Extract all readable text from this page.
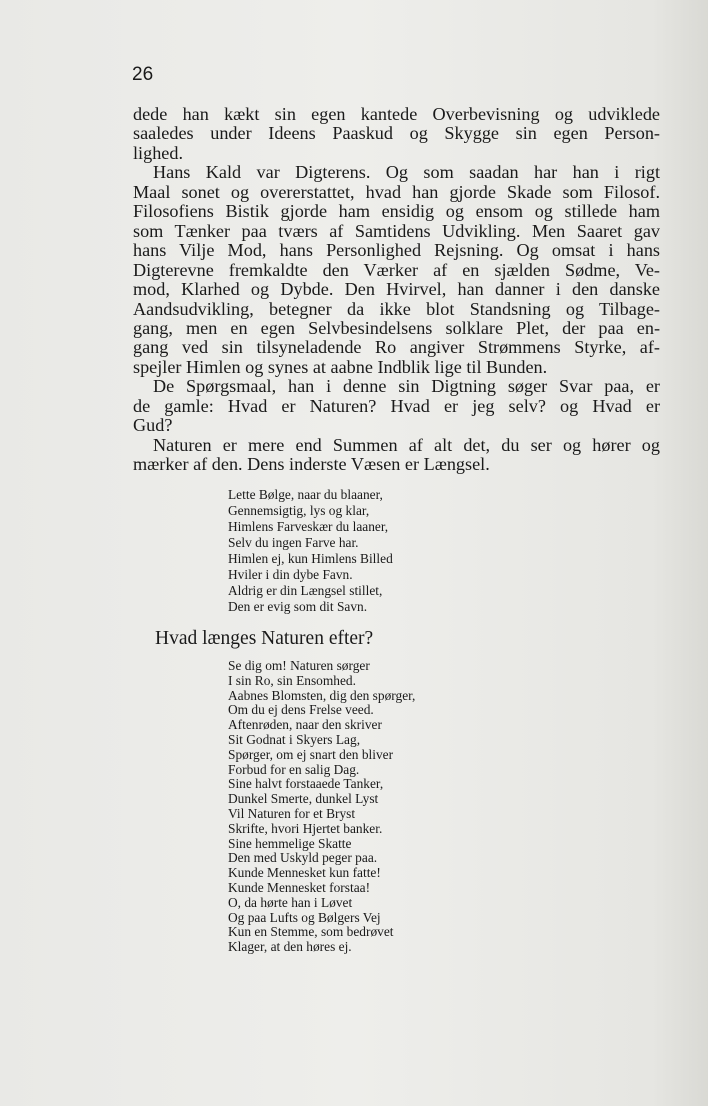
26
dede han kækt sin egen kantede Overbevisning og udviklede
saaledes under Ideens Paaskud og Skygge sin egen Person-
lighed.
Hans Kald var Digterens. Og som saadan har han i rigt
Maal sonet og overerstattet, hvad han gjorde Skade som Filosof.
Filosofiens Bistik gjorde ham ensidig og ensom og stillede ham
som Tænker paa tværs af Samtidens Udvikling. Men Saaret gav
hans Vilje Mod, hans Personlighed Rejsning. Og omsat i hans
Digterevne fremkaldte den Værker af en sjælden Sødme, Ve-
mod, Klarhed og Dybde. Den Hvirvel, han danner i den danske
Aandsudvikling, betegner da ikke blot Standsning og Tilbage-
gang, men en egen Selvbesindelsens solklare Plet, der paa en-
gang ved sin tilsyneladende Ro angiver Strømmens Styrke, af-
spejler Himlen og synes at aabne Indblik lige til Bunden.
De Spørgsmaal, han i denne sin Digtning søger Svar paa, er
de gamle: Hvad er Naturen? Hvad er jeg selv? og Hvad er
Gud?
Naturen er mere end Summen af alt det, du ser og hører og
mærker af den. Dens inderste Væsen er Længsel.
Lette Bølge, naar du blaaner,
Gennemsigtig, lys og klar,
Himlens Farveskær du laaner,
Selv du ingen Farve har.
Himlen ej, kun Himlens Billed
Hviler i din dybe Favn.
Aldrig er din Længsel stillet,
Den er evig som dit Savn.
Hvad længes Naturen efter?
Se dig om! Naturen sørger
I sin Ro, sin Ensomhed.
Aabnes Blomsten, dig den spørger,
Om du ej dens Frelse veed.
Aftenrøden, naar den skriver
Sit Godnat i Skyers Lag,
Spørger, om ej snart den bliver
Forbud for en salig Dag.
Sine halvt forstaaede Tanker,
Dunkel Smerte, dunkel Lyst
Vil Naturen for et Bryst
Skrifte, hvori Hjertet banker.
Sine hemmelige Skatte
Den med Uskyld peger paa.
Kunde Mennesket kun fatte!
Kunde Mennesket forstaa!
O, da hørte han i Løvet
Og paa Lufts og Bølgers Vej
Kun en Stemme, som bedrøvet
Klager, at den høres ej.
